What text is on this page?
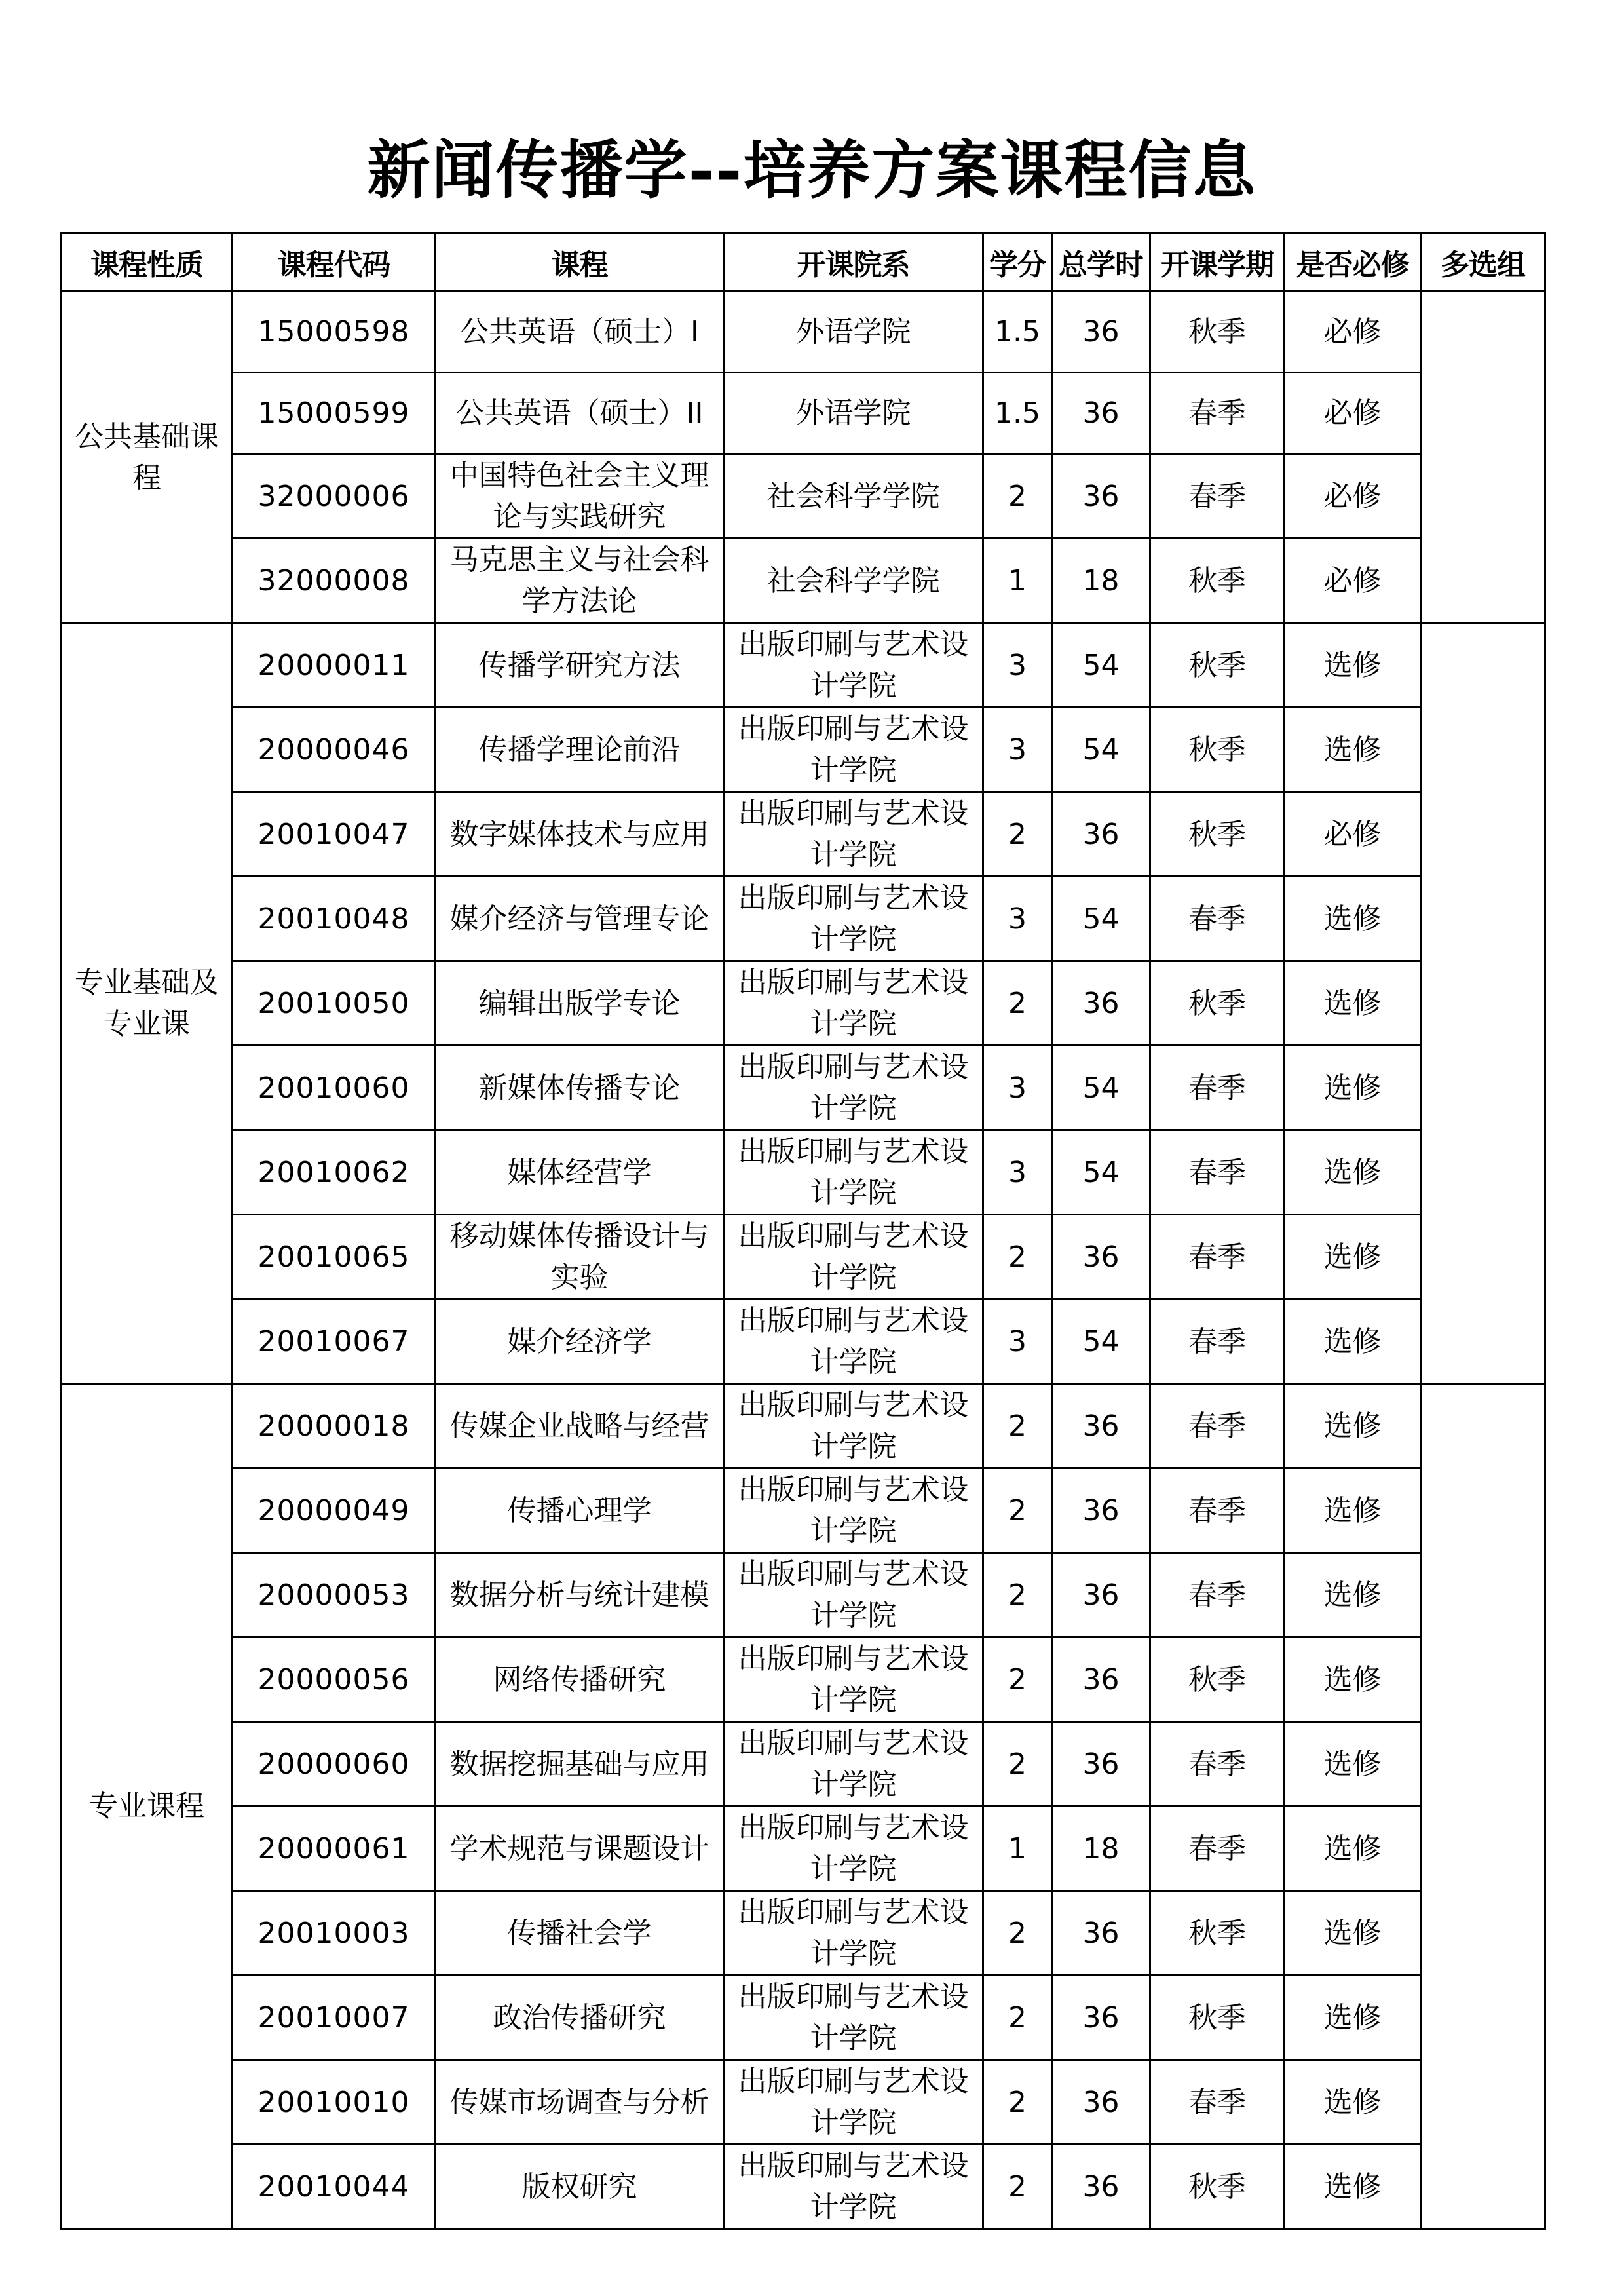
新闻传播学--培养方案课程信息
课程性质	课程代码	课程	开课院系	学分	总学时	开课学期	是否必修	多选组
公共基础课程	15000598	公共英语（硕士）I	外语学院	1.5	36	秋季	必修	
	15000599	公共英语（硕士）II	外语学院	1.5	36	春季	必修	
	32000006	中国特色社会主义理论与实践研究	社会科学学院	2	36	春季	必修	
	32000008	马克思主义与社会科学方法论	社会科学学院	1	18	秋季	必修	
专业基础及专业课	20000011	传播学研究方法	出版印刷与艺术设计学院	3	54	秋季	选修	
	20000046	传播学理论前沿	出版印刷与艺术设计学院	3	54	秋季	选修	
	20010047	数字媒体技术与应用	出版印刷与艺术设计学院	2	36	秋季	必修	
	20010048	媒介经济与管理专论	出版印刷与艺术设计学院	3	54	春季	选修	
	20010050	编辑出版学专论	出版印刷与艺术设计学院	2	36	秋季	选修	
	20010060	新媒体传播专论	出版印刷与艺术设计学院	3	54	春季	选修	
	20010062	媒体经营学	出版印刷与艺术设计学院	3	54	春季	选修	
	20010065	移动媒体传播设计与实验	出版印刷与艺术设计学院	2	36	春季	选修	
	20010067	媒介经济学	出版印刷与艺术设计学院	3	54	春季	选修	
专业课程	20000018	传媒企业战略与经营	出版印刷与艺术设计学院	2	36	春季	选修	
	20000049	传播心理学	出版印刷与艺术设计学院	2	36	春季	选修	
	20000053	数据分析与统计建模	出版印刷与艺术设计学院	2	36	春季	选修	
	20000056	网络传播研究	出版印刷与艺术设计学院	2	36	秋季	选修	
	20000060	数据挖掘基础与应用	出版印刷与艺术设计学院	2	36	春季	选修	
	20000061	学术规范与课题设计	出版印刷与艺术设计学院	1	18	春季	选修	
	20010003	传播社会学	出版印刷与艺术设计学院	2	36	秋季	选修	
	20010007	政治传播研究	出版印刷与艺术设计学院	2	36	秋季	选修	
	20010010	传媒市场调查与分析	出版印刷与艺术设计学院	2	36	春季	选修	
	20010044	版权研究	出版印刷与艺术设计学院	2	36	秋季	选修	
